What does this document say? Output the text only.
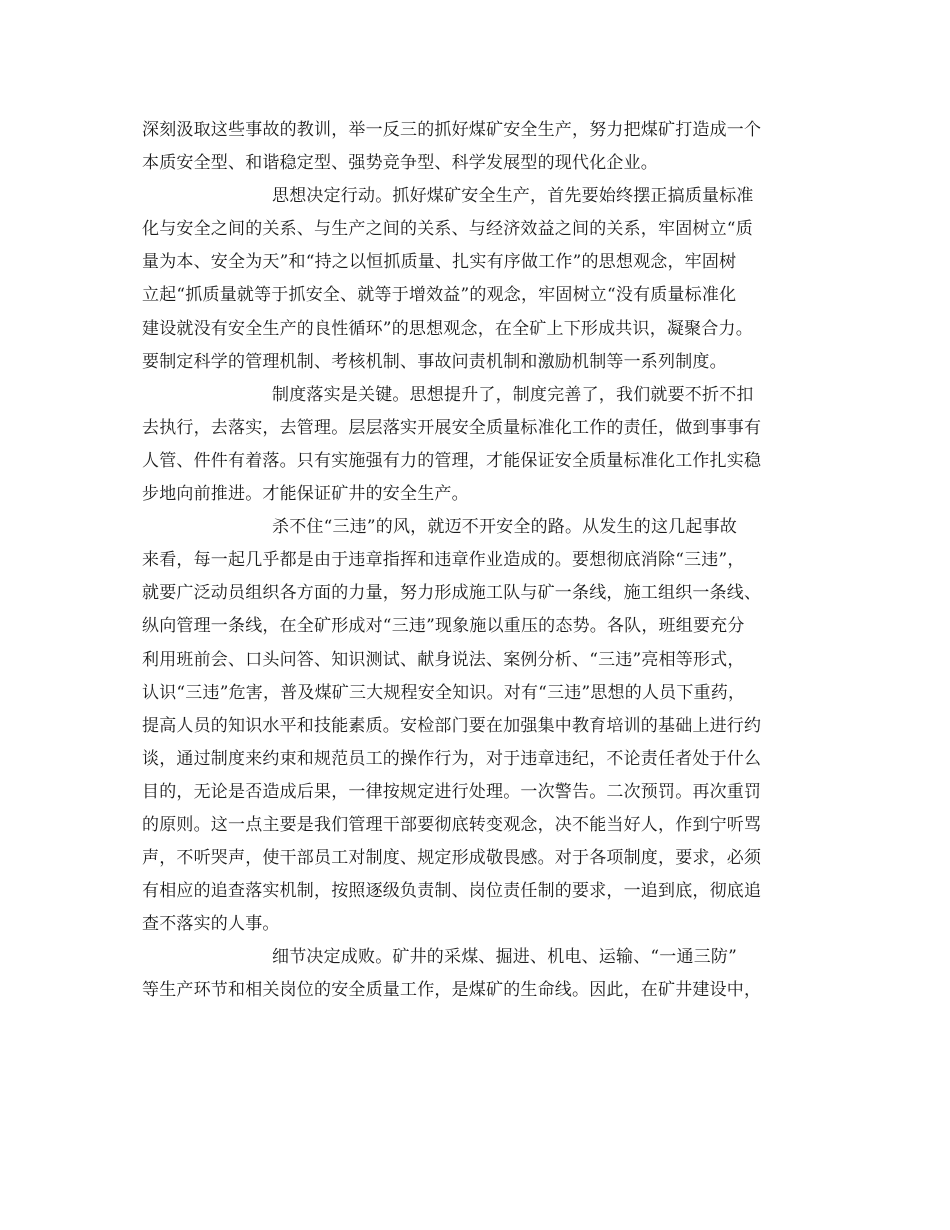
深刻汲取这些事故的教训，举一反三的抓好煤矿安全生产，努力把煤矿打造成一个
本质安全型、和谐稳定型、强势竞争型、科学发展型的现代化企业。
思想决定行动。抓好煤矿安全生产，首先要始终摆正搞质量标准
化与安全之间的关系、与生产之间的关系、与经济效益之间的关系，牢固树立“质
量为本、安全为天”和“持之以恒抓质量、扎实有序做工作”的思想观念，牢固树
立起“抓质量就等于抓安全、就等于增效益”的观念，牢固树立“没有质量标准化
建设就没有安全生产的良性循环”的思想观念，在全矿上下形成共识，凝聚合力。
要制定科学的管理机制、考核机制、事故问责机制和激励机制等一系列制度。
制度落实是关键。思想提升了，制度完善了，我们就要不折不扣
去执行，去落实，去管理。层层落实开展安全质量标准化工作的责任，做到事事有
人管、件件有着落。只有实施强有力的管理，才能保证安全质量标准化工作扎实稳
步地向前推进。才能保证矿井的安全生产。
杀不住“三违”的风，就迈不开安全的路。从发生的这几起事故
来看，每一起几乎都是由于违章指挥和违章作业造成的。要想彻底消除“三违”，
就要广泛动员组织各方面的力量，努力形成施工队与矿一条线，施工组织一条线、
纵向管理一条线，在全矿形成对“三违”现象施以重压的态势。各队，班组要充分
利用班前会、口头问答、知识测试、献身说法、案例分析、“三违”亮相等形式，
认识“三违”危害，普及煤矿三大规程安全知识。对有“三违”思想的人员下重药，
提高人员的知识水平和技能素质。安检部门要在加强集中教育培训的基础上进行约
谈，通过制度来约束和规范员工的操作行为，对于违章违纪，不论责任者处于什么
目的，无论是否造成后果，一律按规定进行处理。一次警告。二次预罚。再次重罚
的原则。这一点主要是我们管理干部要彻底转变观念，决不能当好人，作到宁听骂
声，不听哭声，使干部员工对制度、规定形成敬畏感。对于各项制度，要求，必须
有相应的追查落实机制，按照逐级负责制、岗位责任制的要求，一追到底，彻底追
查不落实的人事。
细节决定成败。矿井的采煤、掘进、机电、运输、“一通三防”
等生产环节和相关岗位的安全质量工作，是煤矿的生命线。因此，在矿井建设中，
